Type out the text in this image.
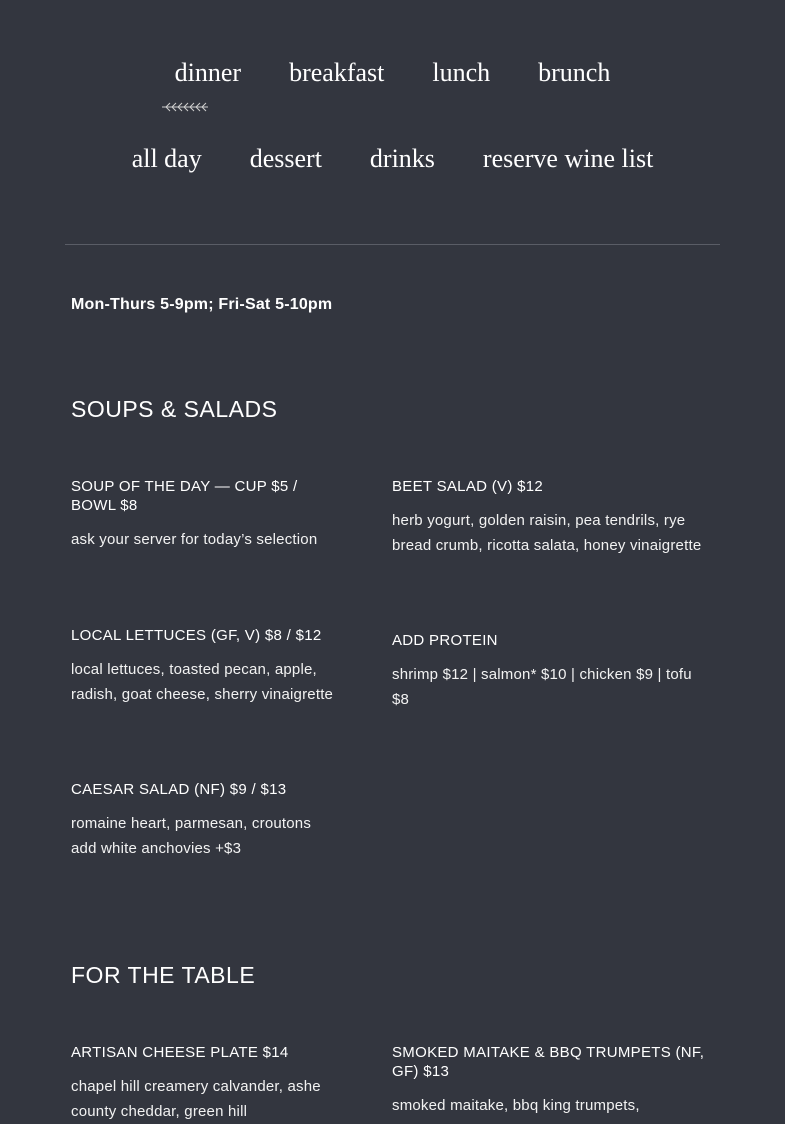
dinner breakfast lunch brunch
all day dessert drinks reserve wine list
Mon-Thurs 5-9pm; Fri-Sat 5-10pm
SOUPS & SALADS
SOUP OF THE DAY — CUP $5 / BOWL $8
ask your server for today’s selection
BEET SALAD (V) $12
herb yogurt, golden raisin, pea tendrils, rye bread crumb, ricotta salata, honey vinaigrette
LOCAL LETTUCES (GF, V) $8 / $12
local lettuces, toasted pecan, apple, radish, goat cheese, sherry vinaigrette
ADD PROTEIN
shrimp $12 | salmon* $10 | chicken $9 | tofu $8
CAESAR SALAD (NF) $9 / $13
romaine heart, parmesan, croutons
add white anchovies +$3
FOR THE TABLE
ARTISAN CHEESE PLATE $14
chapel hill creamery calvander, ashe county cheddar, green hill
SMOKED MAITAKE & BBQ TRUMPETS (NF, GF) $13
smoked maitake, bbq king trumpets,
